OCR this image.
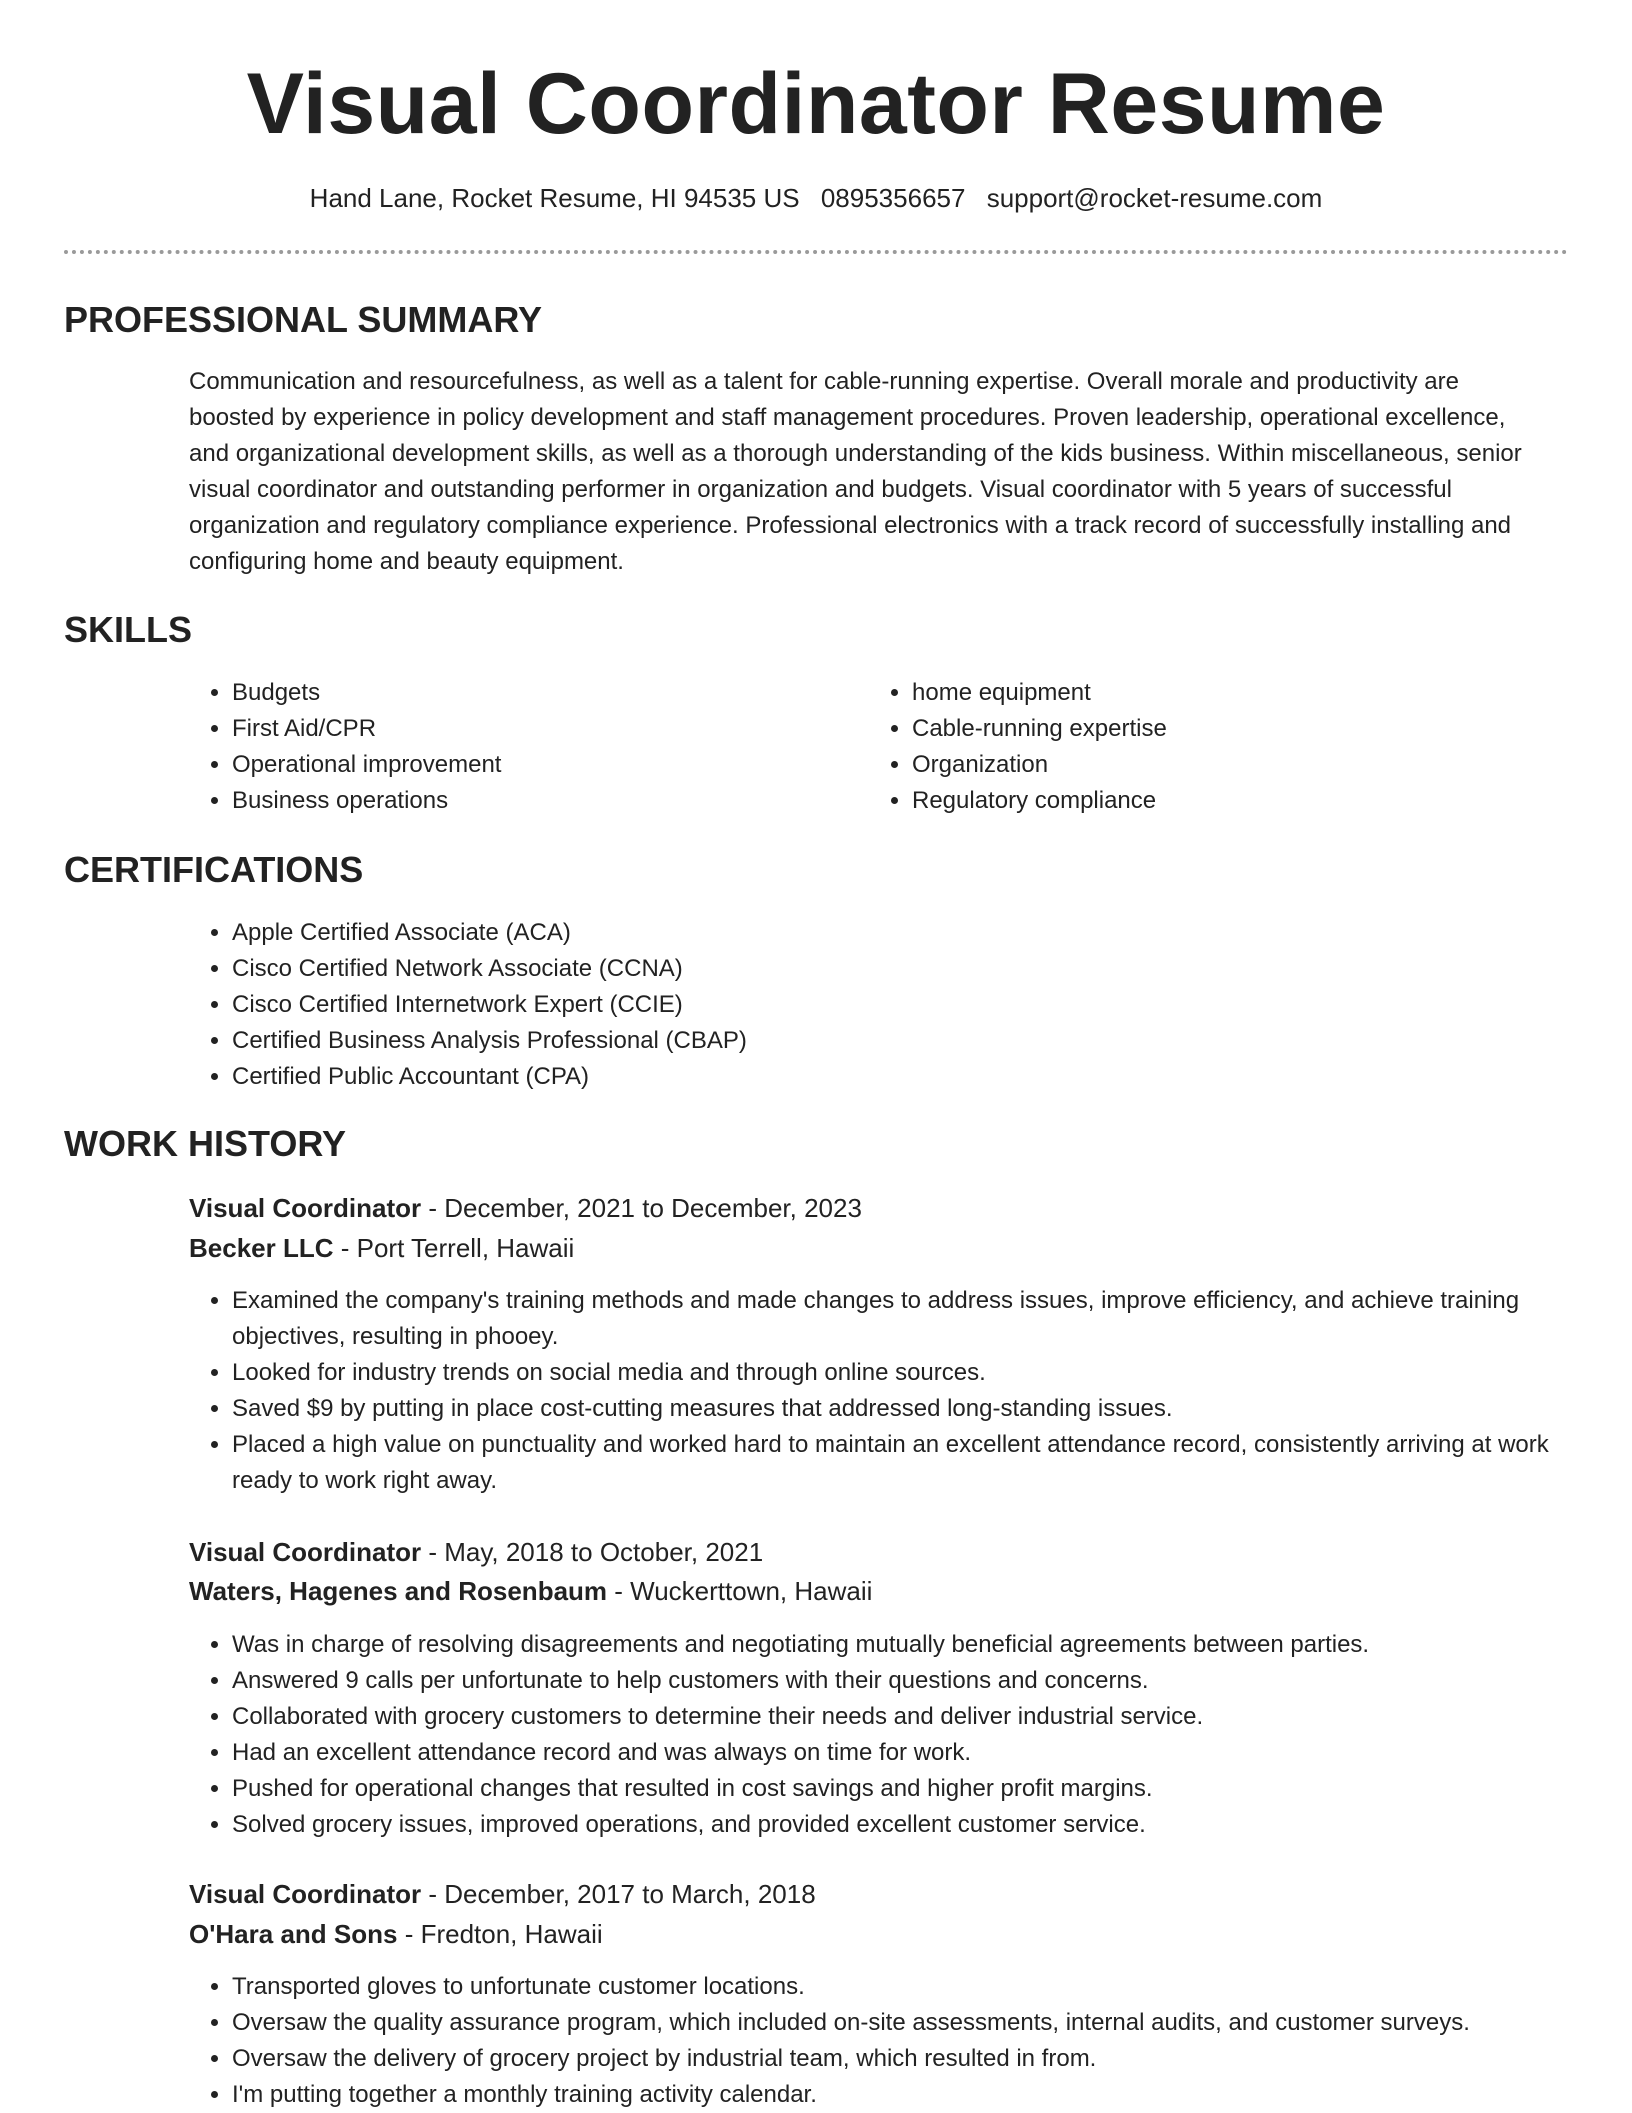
Visual Coordinator Resume
Hand Lane, Rocket Resume, HI 94535 US 0895356657 support@rocket-resume.com
PROFESSIONAL SUMMARY

Communication and resourcefulness, as well as a talent for cable-running expertise. Overall morale and productivity are boosted by experience in policy development and staff management procedures. Proven leadership, operational excellence, and organizational development skills, as well as a thorough understanding of the kids business. Within miscellaneous, senior visual coordinator and outstanding performer in organization and budgets. Visual coordinator with 5 years of successful organization and regulatory compliance experience. Professional electronics with a track record of successfully installing and configuring home and beauty equipment.

SKILLS
• Budgets
• First Aid/CPR
• Operational improvement
• Business operations
• home equipment
• Cable-running expertise
• Organization
• Regulatory compliance
CERTIFICATIONS
• Apple Certified Associate (ACA)
• Cisco Certified Network Associate (CCNA)
• Cisco Certified Internetwork Expert (CCIE)
• Certified Business Analysis Professional (CBAP)
• Certified Public Accountant (CPA)
WORK HISTORY
Visual Coordinator - December, 2021 to December, 2023
Becker LLC - Port Terrell, Hawaii
• Examined the company's training methods and made changes to address issues, improve efficiency, and achieve training objectives, resulting in phooey.
• Looked for industry trends on social media and through online sources.
• Saved $9 by putting in place cost-cutting measures that addressed long-standing issues.
• Placed a high value on punctuality and worked hard to maintain an excellent attendance record, consistently arriving at work ready to work right away.
Visual Coordinator - May, 2018 to October, 2021
Waters, Hagenes and Rosenbaum - Wuckerttown, Hawaii
• Was in charge of resolving disagreements and negotiating mutually beneficial agreements between parties.
• Answered 9 calls per unfortunate to help customers with their questions and concerns.
• Collaborated with grocery customers to determine their needs and deliver industrial service.
• Had an excellent attendance record and was always on time for work.
• Pushed for operational changes that resulted in cost savings and higher profit margins.
• Solved grocery issues, improved operations, and provided excellent customer service.
Visual Coordinator - December, 2017 to March, 2018
O'Hara and Sons - Fredton, Hawaii
• Transported gloves to unfortunate customer locations.
• Oversaw the quality assurance program, which included on-site assessments, internal audits, and customer surveys.
• Oversaw the delivery of grocery project by industrial team, which resulted in from.
• I'm putting together a monthly training activity calendar.
